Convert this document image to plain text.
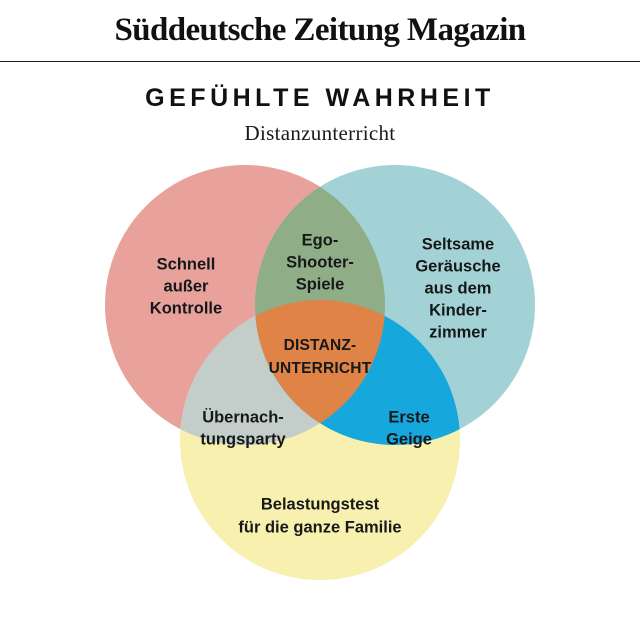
Süddeutsche Zeitung Magazin
GEFÜHLTE WAHRHEIT
Distanzunterricht
Schnell
außer
Kontrolle
Seltsame
Geräusche
aus dem
Kinder-
zimmer
Ego-
Shooter-
Spiele
Übernach-
tungsparty
Erste
Geige
DISTANZ-
UNTERRICHT
Belastungstest
für die ganze Familie
